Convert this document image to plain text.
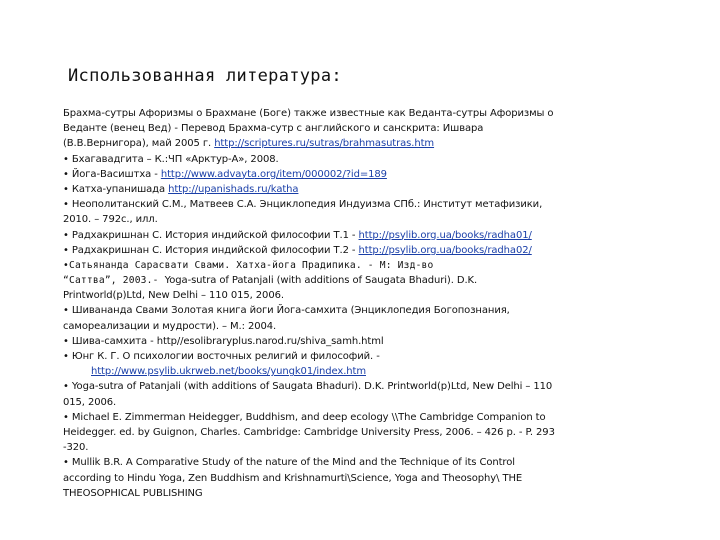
Использованная литература:
Брахма-сутры Афоризмы о Брахмане (Боге) также известные как Веданта-сутры Афоризмы о
Веданте (венец Вед) - Перевод Брахма-сутр с английского и санскрита: Ишвара
(В.В.Вернигора), май 2005 г. http://scriptures.ru/sutras/brahmasutras.htm
• Бхагавадгита – К.:ЧП «Арктур-А», 2008.
• Йога-Васиштха - http://www.advayta.org/item/000002/?id=189
• Катха-упанишада http://upanishads.ru/katha
• Неополитанский С.М., Матвеев С.А. Энциклопедия Индуизма СПб.: Институт метафизики,
2010. – 792с., илл.
• Радхакришнан С. История индийской философии Т.1 - http://psylib.org.ua/books/radha01/
• Радхакришнан С. История индийской философии Т.2 - http://psylib.org.ua/books/radha02/
•Сатьянанда Сарасвати Свами. Хатха-йога Прадипика. - М: Изд-во
“Саттва”, 2003.- Yoga-sutra of Patanjali (with additions of Saugata Bhaduri). D.K.
Printworld(p)Ltd, New Delhi – 110 015, 2006.
• Шивананда Свами Золотая книга йоги Йога-самхита (Энциклопедия Богопознания,
самореализации и мудрости). – М.: 2004.
• Шива-самхита - http//esolibraryplus.narod.ru/shiva_samh.html
• Юнг К. Г. О психологии восточных религий и философий. -
http://www.psylib.ukrweb.net/books/yungk01/index.htm
• Yoga-sutra of Patanjali (with additions of Saugata Bhaduri). D.K. Printworld(p)Ltd, New Delhi – 110
015, 2006.
• Michael E. Zimmerman Heidegger, Buddhism, and deep ecology \\The Cambridge Companion to
Heidegger. ed. by Guignon, Charles. Cambridge: Cambridge University Press, 2006. – 426 p. - P. 293
-320.
• Mullik B.R. A Comparative Study of the nature of the Mind and the Technique of its Control
according to Hindu Yoga, Zen Buddhism and Krishnamurti\Science, Yoga and Theosophy\ THE
THEOSOPHICAL PUBLISHING
